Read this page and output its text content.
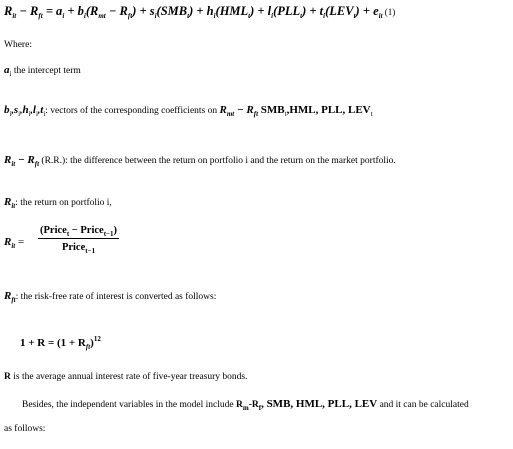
$R_{it} - R_{ft} = a_i + b_i(R_{mt} - R_{ft}) + s_i(SMB_t) + h_i(HML_t) + l_i(PLL_t) + t_i(LEV_t) + e_{it}$ (1)
Where:
$a_i$ the intercept term
$b_i,s_i,h_i,l_i,t_i$: vectors of the corresponding coefficients on $R_{mt} - R_{ft}$ $SMB_t,HML$, PLL, $LEV_t$
$R_{it} - R_{ft}$ (R.R.): the difference between the return on portfolio i and the return on the market portfolio.
$R_{it}$: the return on portfolio i,
$R_{it}$ =
(Price$_t$ − Price$_{t-1}$)
Price$_{t-1}$
$R_{ft}$: the risk-free rate of interest is converted as follows:
$1 + R = (1 + R_{ft})^{12}$
R is the average annual interest rate of five-year treasury bonds.
Besides, the independent variables in the model include $R_m-R_f$, SMB, HML, PLL, LEV and it can be calculated
as follows:
